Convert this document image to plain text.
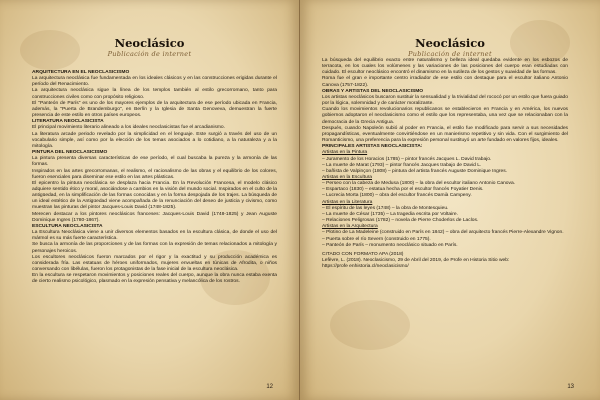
Neoclásico
Publicación de internet
ARQUITECTURA EN EL NEOCLASICISMO
La arquitectura neoclásica fue fundamentada en los ideales clásicos y en las construcciones erigidas durante el período del Renacimiento.
La arquitectura neoclásica sigue la línea de los templos también al estilo grecorromano, tanto para construcciones civiles como con propósito religioso.
El "Panteón de París" es uno de los mayores ejemplos de la arquitectura de ese período ubicada en Francia, además, la "Puerta de Brandemburgo", en Berlín y la Iglesia de Santa Genoveva, demuestran la fuerte presencia de este estilo en otros países europeos.
LITERATURA NEOCLASICISTA
El principal movimiento literario alineado a los ideales neoclasicistas fue el arcadianismo.
La literatura arcade periodo revelado por la simplicidad en el lenguaje. Este surgió a través del uso de un vocabulario simple, así como por la elección de los temas asociados a lo cotidiano, a la naturaleza y a la mitología.
PINTURA DEL NEOCLASICISMO
La pintura presenta diversas características de ese período, el cual buscaba la pureza y la armonía de las formas.
Inspirados en las artes grecorromanas, el realismo, el racionalismo de las obras y el equilibrio de los colores, fueron esenciales para diseminar ese estilo en las artes plásticas.
El epicentro la pintura neoclásica se desplaza hacia Francia. En la Revolución Francesa, el modelo clásico adquiere sentido ético y moral, asociándose a cambios en la visión del mundo social. Inspirados en el culto de la antigüedad, en la simplificación de las formas conocidas y en la forma despojada de los trajes. La búsqueda de un ideal estético de la Antigüedad viene acompañada de la renunciación del deseo de justicia y civismo, como muestran las pinturas del pintor Jacques-Louis David (1748-1825).
Merecen destacar a los pintores neoclásicos franceses: Jacques-Louis David (1748-1825) y Jean Auguste Dominique Ingres (1780-1867).
ESCULTURA NEOCLASICISTA
La Escultura Neoclásica viene a unir diversos elementos basados en la escultura clásica, de donde el uso del mármol es su más fuerte característica.
Se busca la armonía de las proporciones y de las formas con la expresión de temas relacionados a mitología y personajes heroicos.
Los escultores neoclásicos fueron marcados por el rigor y la exactitud y su producción académica es considerada fría. Las estatuas de héroes uniformados, mujeres envueltas en túnicas de Afrodita, o niños conversando con libélulas, fueron los protagonistas de la fase inicial de la escultura neoclásica.
En la escultura se respetaron movimientos y posiciones reales del cuerpo, aunque la obra nunca estaba exenta de cierto realismo psicológico, plasmado en la expresión pensativa y melancólica de los rostros.
12
Neoclásico
Publicación de internet
La búsqueda del equilibrio exacto entre naturalismo y belleza ideal quedaba evidente en los esbozos de terracota, en los cuales los volúmenes y las variaciones de las posiciones del cuerpo eran estudiadas con cuidado. El escultor neoclásico encontró el dinamismo en la sutileza de los gestos y suavidad de las formas.
Roma fue el gran e importante centro irradiador de ese estilo con destaque para el escultor italiano Antonio Canova (1757-1822).
OBRAS Y ARTISTAS DEL NEOCLASICISMO
Los artistas neoclásicos buscaron sustituir la sensualidad y la trivialidad del rococó por un estilo que fuera guiado por la lógica, solemnidad y de carácter moralizante.
Cuando los movimientos revolucionarios republicanos se establecieron en Francia y en América, los nuevos gobiernos adoptaron el neoclasicismo como el estilo que los representaba, una vez que se relacionaban con la democracia de la Grecia Antigua.
Después, cuando Napoleón subió al poder en Francia, el estilo fue modificado para servir a sus necesidades propagandísticas, eventualmente convirtiéndose en un manierismo repetitivo y sin vida. Con el surgimiento del Romanticismo, una preferencia para la expresión personal sustituyó un arte fundado en valores fijos, ideales.
PRINCIPALES ARTISTAS NEOCLASICISTA:
Artistas en la Pintura
– Juramento de los Horacios (1785) – pintor francés Jacques L. David trabajo.
– La muerte de Marat (1793) – pintor francés Jacques trabajo de David L.
– bañista de Valpinçon (1808) – pintura del artista francés Auguste Dominique Ingres.
Artistas en la Escultura
– Perseo con la cabeza de Medusa (1800) – la obra del escultor italiano Antonio Canova.
– Espartaco (1830) – estatua hecha por el escultor francés Foyatier Denis.
– Lucrecia Morta (1800) – obra del escultor francés Damià Campeny.
Artistas en la Literatura
– El espíritu de las leyes (1748) – la obra de Montesquieu.
– La muerte de César (1735) – La tragedia escrita por Voltaire.
– Relaciones Peligrosas (1782) – novela de Pierre Choderlos de Laclos.
Artistas en la Arquitectura
– Plotino de La Madeleine (construido en París en 1842) – obra del arquitecto francés Pierre-Alexandre Vignon.
– Puerta sobre el río Severn (construido en 1775).
– Panteón de París – monumento neoclásico situado en París.
CITADO CON FORMATO APA (2018)
Lefèvre, L. (2018). Neoclasicismo, 29 de Abril del 2019, de Profe en Historia Sitio web:
https://profe enhistoria.cl/neoclasicismo/
13
